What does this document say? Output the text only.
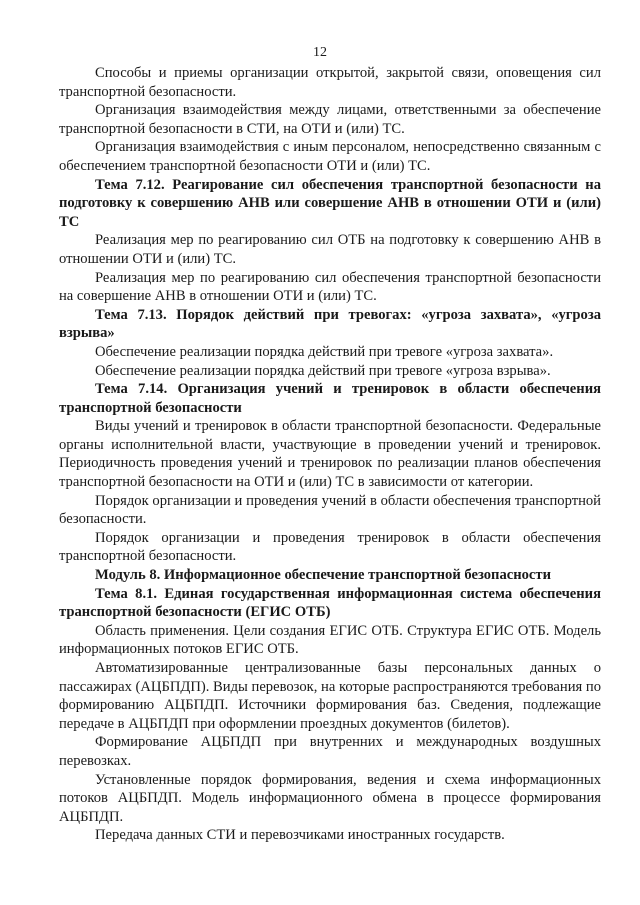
12

Способы и приемы организации открытой, закрытой связи, оповещения сил транспортной безопасности.

Организация взаимодействия между лицами, ответственными за обеспечение транспортной безопасности в СТИ, на ОТИ и (или) ТС.

Организация взаимодействия с иным персоналом, непосредственно связанным с обеспечением транспортной безопасности ОТИ и (или) ТС.

Тема 7.12. Реагирование сил обеспечения транспортной безопасности на подготовку к совершению АНВ или совершение АНВ в отношении ОТИ и (или) ТС

Реализация мер по реагированию сил ОТБ на подготовку к совершению АНВ в отношении ОТИ и (или) ТС.

Реализация мер по реагированию сил обеспечения транспортной безопасности на совершение АНВ в отношении ОТИ и (или) ТС.

Тема 7.13. Порядок действий при тревогах: «угроза захвата», «угроза взрыва»

Обеспечение реализации порядка действий при тревоге «угроза захвата».

Обеспечение реализации порядка действий при тревоге «угроза взрыва».

Тема 7.14. Организация учений и тренировок в области обеспечения транспортной безопасности

Виды учений и тренировок в области транспортной безопасности. Федеральные органы исполнительной власти, участвующие в проведении учений и тренировок. Периодичность проведения учений и тренировок по реализации планов обеспечения транспортной безопасности на ОТИ и (или) ТС в зависимости от категории.

Порядок организации и проведения учений в области обеспечения транспортной безопасности.

Порядок организации и проведения тренировок в области обеспечения транспортной безопасности.

Модуль 8. Информационное обеспечение транспортной безопасности

Тема 8.1. Единая государственная информационная система обеспечения транспортной безопасности (ЕГИС ОТБ)

Область применения. Цели создания ЕГИС ОТБ. Структура ЕГИС ОТБ. Модель информационных потоков ЕГИС ОТБ.

Автоматизированные централизованные базы персональных данных о пассажирах (АЦБПДП). Виды перевозок, на которые распространяются требования по формированию АЦБПДП. Источники формирования баз. Сведения, подлежащие передаче в АЦБПДП при оформлении проездных документов (билетов).

Формирование АЦБПДП при внутренних и международных воздушных перевозках.

Установленные порядок формирования, ведения и схема информационных потоков АЦБПДП. Модель информационного обмена в процессе формирования АЦБПДП.

Передача данных СТИ и перевозчиками иностранных государств.
